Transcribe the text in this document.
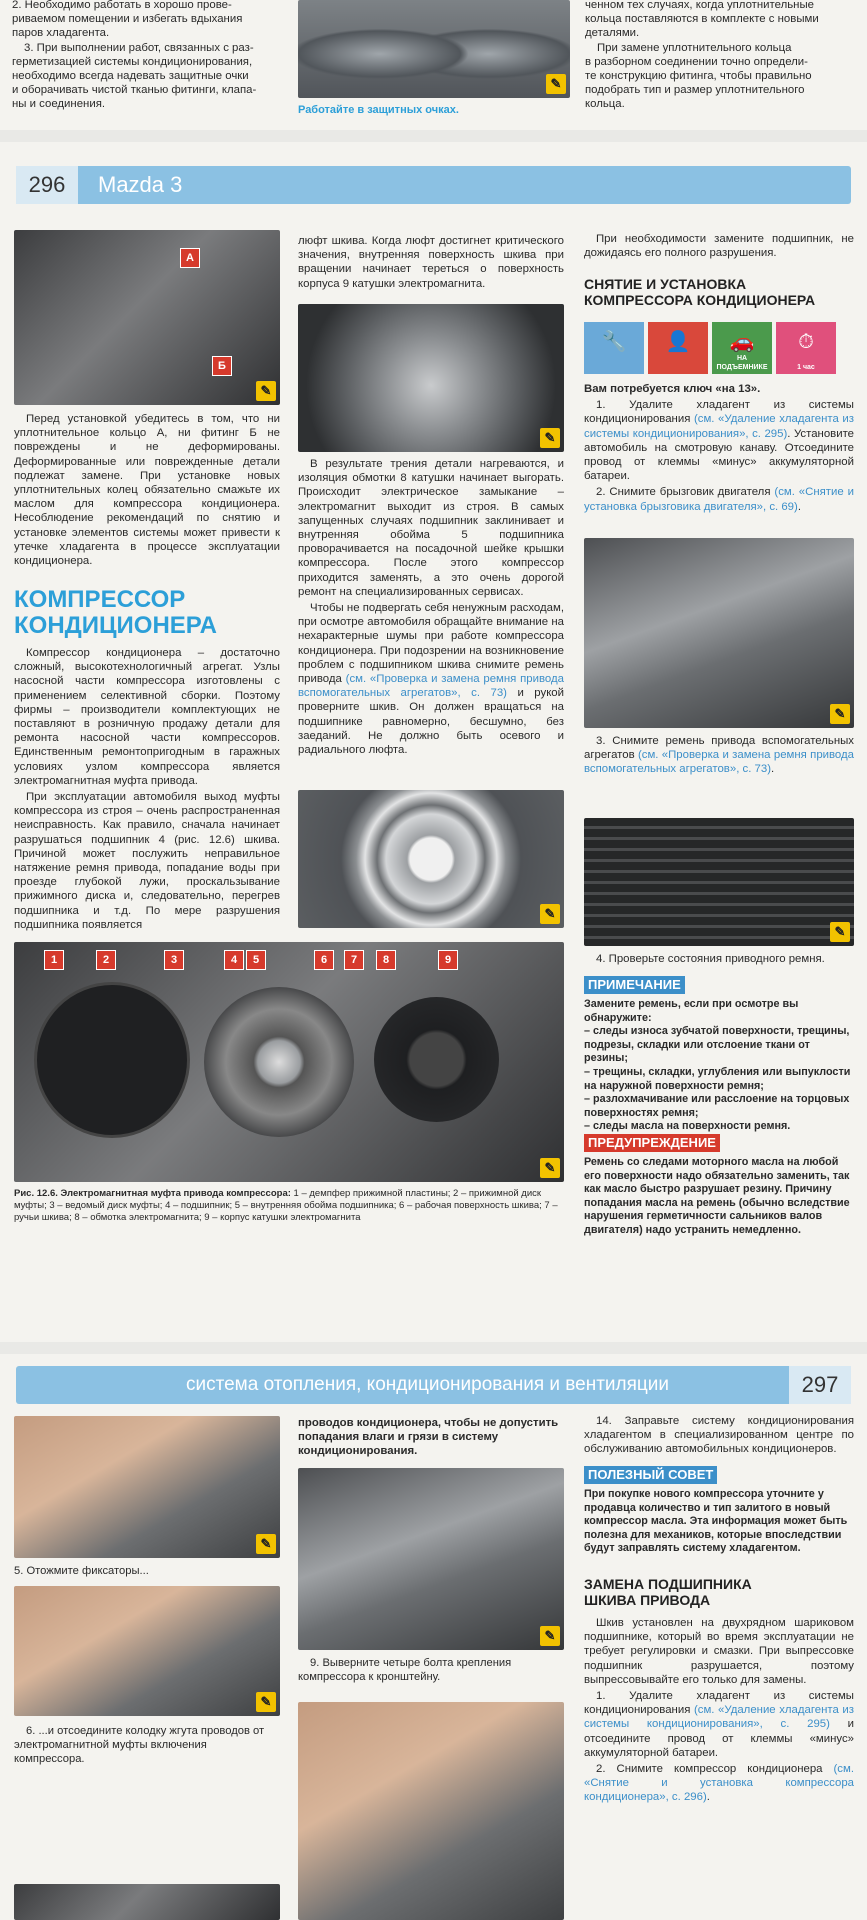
2. Необходимо работать в хорошо прове-
риваемом помещении и избегать вдыхания
паров хладагента.
3. При выполнении работ, связанных с раз-
герметизацией системы кондиционирования,
необходимо всегда надевать защитные очки
и оборачивать чистой тканью фитинги, клапа-
ны и соединения.
✎
Работайте в защитных очках.
ченном тех случаях, когда уплотнительные
кольца поставляются в комплекте с новыми
деталями.
При замене уплотнительного кольца
в разборном соединении точно определи-
те конструкцию фитинга, чтобы правильно
подобрать тип и размер уплотнительного
кольца.
296	Mazda 3
А
Б
✎

Перед установкой убедитесь в том, что ни уплотнительное кольцо А, ни фитинг Б не повреждены и не деформированы. Деформированные или поврежденные детали подлежат замене. При установке новых уплотнительных колец обязательно смажьте их маслом для компрессора кондиционера. Несоблюдение рекомендаций по снятию и установке элементов системы может привести к утечке хладагента в процессе эксплуатации кондиционера.

КОМПРЕССОР
КОНДИЦИОНЕРА

Компрессор кондиционера – достаточно сложный, высокотехнологичный агрегат. Узлы насосной части компрессора изготовлены с применением селективной сборки. Поэтому фирмы – производители комплектующих не поставляют в розничную продажу детали для ремонта насосной части компрессоров. Единственным ремонтопригодным в гаражных условиях узлом компрессора является электромагнитная муфта привода.

При эксплуатации автомобиля выход муфты компрессора из строя – очень распространенная неисправность. Как правило, сначала начинает разрушаться подшипник 4 (рис. 12.6) шкива. Причиной может послужить неправильное натяжение ремня привода, попадание воды при проезде глубокой лужи, проскальзывание прижимного диска и, следовательно, перегрев подшипника и т.д. По мере разрушения подшипника появляется

люфт шкива. Когда люфт достигнет критического значения, внутренняя поверхность шкива при вращении начинает тереться о поверхность корпуса 9 катушки электромагнита.

✎

В результате трения детали нагреваются, и изоляция обмотки 8 катушки начинает выгорать. Происходит электрическое замыкание – электромагнит выходит из строя. В самых запущенных случаях подшипник заклинивает и внутренняя обойма 5 подшипника проворачивается на посадочной шейке крышки компрессора. После этого компрессор приходится заменять, а это очень дорогой ремонт на специализированных сервисах.

Чтобы не подвергать себя ненужным расходам, при осмотре автомобиля обращайте внимание на нехарактерные шумы при работе компрессора кондиционера. При подозрении на возникновение проблем с подшипником шкива снимите ремень привода (см. «Проверка и замена ремня привода вспомогательных агрегатов», с. 73) и рукой проверните шкив. Он должен вращаться на подшипнике равномерно, бесшумно, без заеданий. Не должно быть осевого и радиального люфта.

✎
1	2	3	4	5	6	7	8	9
✎
Рис. 12.6. Электромагнитная муфта привода компрессора: 1 – демпфер прижимной пластины; 2 – прижимной диск муфты; 3 – ведомый диск муфты; 4 – подшипник; 5 – внутренняя обойма подшипника; 6 – рабочая поверхность шкива; 7 – ручьи шкива; 8 – обмотка электромагнита; 9 – корпус катушки электромагнита

При необходимости замените подшипник, не дожидаясь его полного разрушения.

СНЯТИЕ И УСТАНОВКА
КОМПРЕССОРА КОНДИЦИОНЕРА
🔧	👤	🚗
НА ПОДЪЕМНИКЕ
⏱
1 час

Вам потребуется ключ «на 13».

1. Удалите хладагент из системы кондиционирования (см. «Удаление хладагента из системы кондиционирования», с. 295). Установите автомобиль на смотровую канаву. Отсоедините провод от клеммы «минус» аккумуляторной батареи.

2. Снимите брызговик двигателя (см. «Снятие и установка брызговика двигателя», с. 69).

✎

3. Снимите ремень привода вспомогательных агрегатов (см. «Проверка и замена ремня привода вспомогательных агрегатов», с. 73).

✎

4. Проверьте состояния приводного ремня.

ПРИМЕЧАНИЕ
Замените ремень, если при осмотре вы обнаружите:
– следы износа зубчатой поверхности, трещины, подрезы, складки или отслоение ткани от резины;
– трещины, складки, углубления или выпуклости на наружной поверхности ремня;
– разлохмачивание или расслоение на торцовых поверхностях ремня;
– следы масла на поверхности ремня.
ПРЕДУПРЕЖДЕНИЕ
Ремень со следами моторного масла на любой его поверхности надо обязательно заменить, так как масло быстро разрушает резину. Причину попадания масла на ремень (обычно вследствие нарушения герметичности сальников валов двигателя) надо устранить немедленно.
система отопления, кондиционирования и вентиляции	297
✎
5. Отожмите фиксаторы...
✎
6. ...и отсоедините колодку жгута проводов от электромагнитной муфты включения компрессора.
проводов кондиционера, чтобы не допустить попадания влаги и грязи в систему кондиционирования.
✎
9. Выверните четыре болта крепления компрессора к кронштейну.

14. Заправьте систему кондиционирования хладагентом в специализированном центре по обслуживанию автомобильных кондиционеров.

ПОЛЕЗНЫЙ СОВЕТ
При покупке нового компрессора уточните у продавца количество и тип залитого в новый компрессор масла. Эта информация может быть полезна для механиков, которые впоследствии будут заправлять систему хладагентом.
ЗАМЕНА ПОДШИПНИКА
ШКИВА ПРИВОДА

Шкив установлен на двухрядном шариковом подшипнике, который во время эксплуатации не требует регулировки и смазки. При выпрессовке подшипник разрушается, поэтому выпрессовывайте его только для замены.

1. Удалите хладагент из системы кондиционирования (см. «Удаление хладагента из системы кондиционирования», с. 295) и отсоедините провод от клеммы «минус» аккумуляторной батареи.

2. Снимите компрессор кондиционера (см. «Снятие и установка компрессора кондиционера», с. 296).
